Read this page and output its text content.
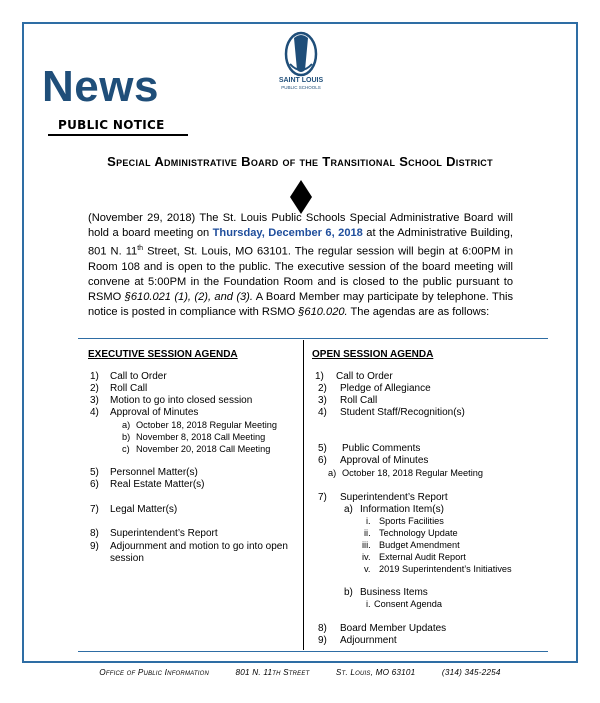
SAINT LOUIS
PUBLIC SCHOOLS
News
PUBLIC NOTICE
Special Administrative Board of the Transitional School District

(November 29, 2018) The St. Louis Public Schools Special Administrative Board will hold a board meeting on Thursday, December 6, 2018 at the Administrative Building, 801 N. 11th Street, St. Louis, MO 63101. The regular session will begin at 6:00PM in Room 108 and is open to the public. The executive session of the board meeting will convene at 5:00PM in the Foundation Room and is closed to the public pursuant to RSMO §610.021 (1), (2), and (3). A Board Member may participate by telephone. This notice is posted in compliance with RSMO §610.020. The agendas are as follows:

EXECUTIVE SESSION AGENDA	OPEN SESSION AGENDA
1) Call to Order
2) Roll Call
3) Motion to go into closed session
4) Approval of Minutes
a) October 18, 2018 Regular Meeting
b) November 8, 2018 Call Meeting
c) November 20, 2018 Call Meeting
5) Personnel Matter(s)
6) Real Estate Matter(s)
7) Legal Matter(s)
8) Superintendent’s Report
9) Adjournment and motion to go into open
session
1) Call to Order
2) Pledge of Allegiance
3) Roll Call
4) Student Staff/Recognition(s)
5) Public Comments
6) Approval of Minutes
a) October 18, 2018 Regular Meeting
7) Superintendent’s Report
a) Information Item(s)
i. Sports Facilities
ii. Technology Update
iii. Budget Amendment
iv. External Audit Report
v. 2019 Superintendent’s Initiatives
b) Business Items
i. Consent Agenda
8) Board Member Updates
9) Adjournment
Office of Public Information	801 N. 11th Street	St. Louis, MO 63101	(314) 345-2254
